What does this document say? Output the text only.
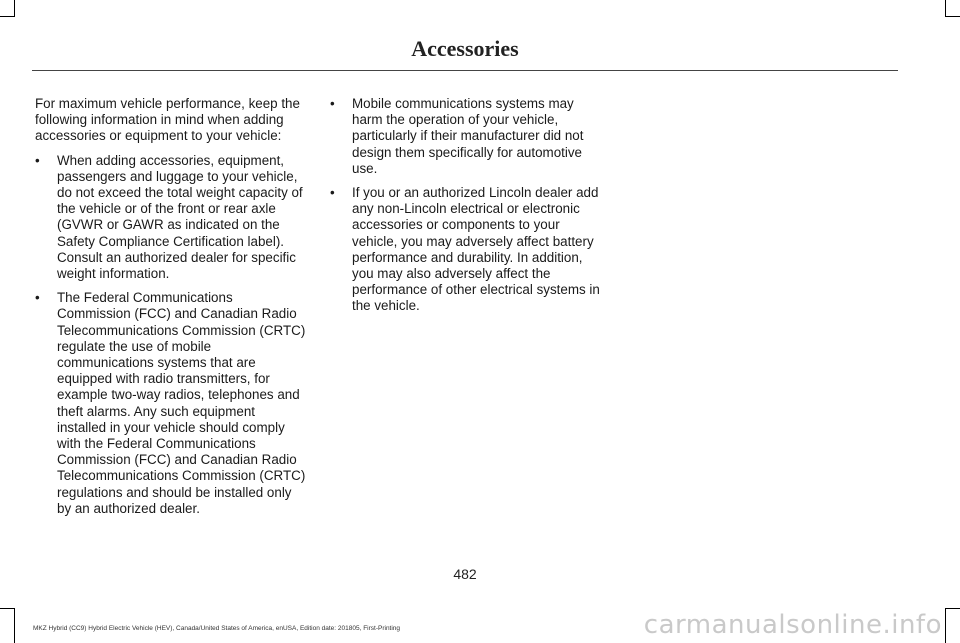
Accessories

For maximum vehicle performance, keep the following information in mind when adding accessories or equipment to your vehicle:

• When adding accessories, equipment, passengers and luggage to your vehicle, do not exceed the total weight capacity of the vehicle or of the front or rear axle (GVWR or GAWR as indicated on the Safety Compliance Certification label). Consult an authorized dealer for specific weight information.
• The Federal Communications Commission (FCC) and Canadian Radio Telecommunications Commission (CRTC) regulate the use of mobile communications systems that are equipped with radio transmitters, for example two-way radios, telephones and theft alarms. Any such equipment installed in your vehicle should comply with the Federal Communications Commission (FCC) and Canadian Radio Telecommunications Commission (CRTC) regulations and should be installed only by an authorized dealer.
• Mobile communications systems may harm the operation of your vehicle, particularly if their manufacturer did not design them specifically for automotive use.
• If you or an authorized Lincoln dealer add any non-Lincoln electrical or electronic accessories or components to your vehicle, you may adversely affect battery performance and durability. In addition, you may also adversely affect the performance of other electrical systems in the vehicle.
482
MKZ Hybrid (CC9) Hybrid Electric Vehicle (HEV), Canada/United States of America, enUSA, Edition date: 201805, First-Printing	carmanualsonline.info
